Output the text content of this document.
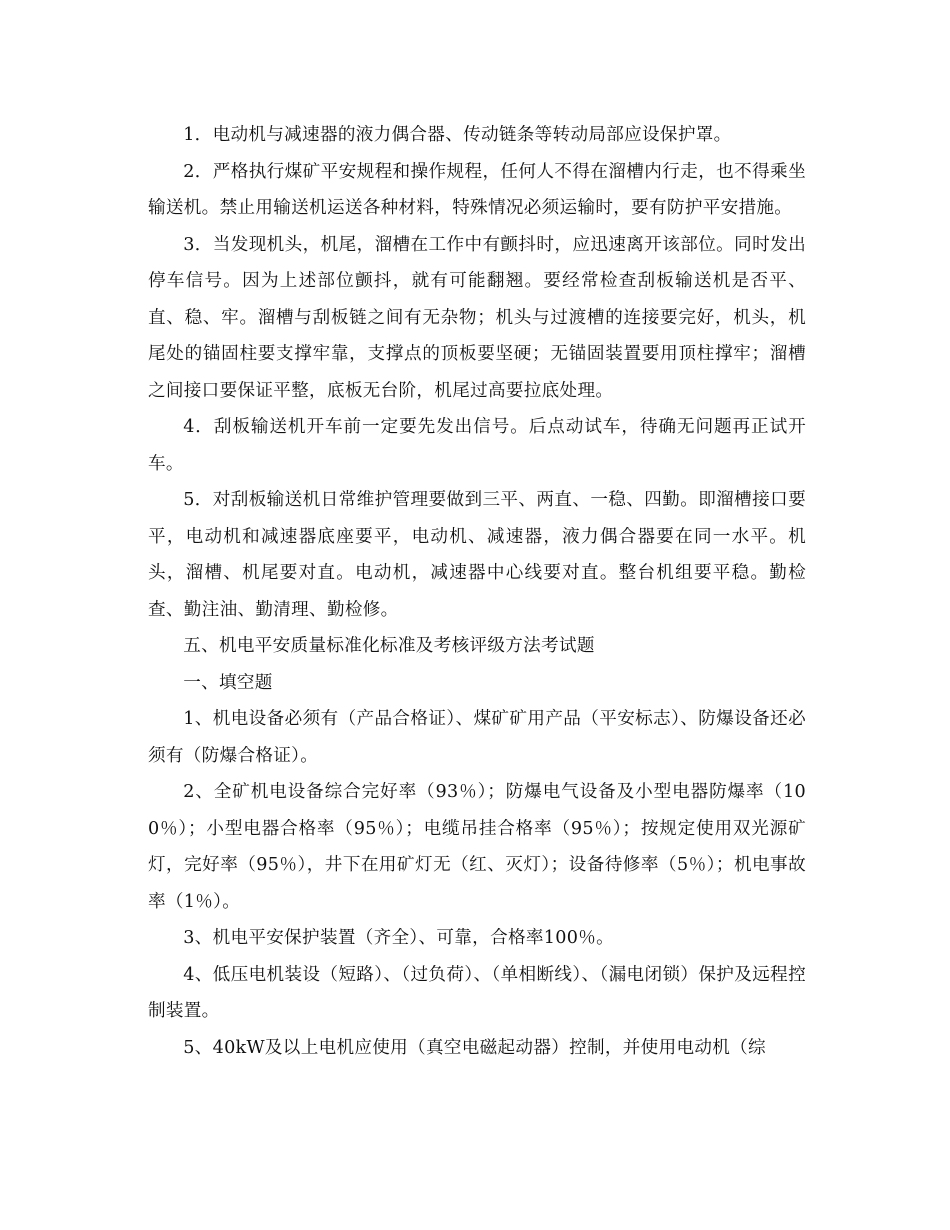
1．电动机与减速器的液力偶合器、传动链条等转动局部应设保护罩。

2．严格执行煤矿平安规程和操作规程，任何人不得在溜槽内行走，也不得乘坐输送机。禁止用输送机运送各种材料，特殊情况必须运输时，要有防护平安措施。

3．当发现机头，机尾，溜槽在工作中有颤抖时，应迅速离开该部位。同时发出停车信号。因为上述部位颤抖，就有可能翻翘。要经常检查刮板输送机是否平、直、稳、牢。溜槽与刮板链之间有无杂物；机头与过渡槽的连接要完好，机头，机尾处的锚固柱要支撑牢靠，支撑点的顶板要坚硬；无锚固装置要用顶柱撑牢；溜槽之间接口要保证平整，底板无台阶，机尾过高要拉底处理。

4．刮板输送机开车前一定要先发出信号。后点动试车，待确无问题再正试开车。

5．对刮板输送机日常维护管理要做到三平、两直、一稳、四勤。即溜槽接口要平，电动机和减速器底座要平，电动机、减速器，液力偶合器要在同一水平。机头，溜槽、机尾要对直。电动机，减速器中心线要对直。整台机组要平稳。勤检查、勤注油、勤清理、勤检修。

五、机电平安质量标准化标准及考核评级方法考试题

一、填空题

1、机电设备必须有（产品合格证）、煤矿矿用产品（平安标志）、防爆设备还必须有（防爆合格证）。

2、全矿机电设备综合完好率（93％）；防爆电气设备及小型电器防爆率（100％）；小型电器合格率（95％）；电缆吊挂合格率（95％）；按规定使用双光源矿灯，完好率（95％），井下在用矿灯无（红、灭灯）；设备待修率（5％）；机电事故率（1％）。

3、机电平安保护装置（齐全）、可靠，合格率100％。

4、低压电机装设（短路）、（过负荷）、（单相断线）、（漏电闭锁）保护及远程控制装置。

5、40kW及以上电机应使用（真空电磁起动器）控制，并使用电动机（综
